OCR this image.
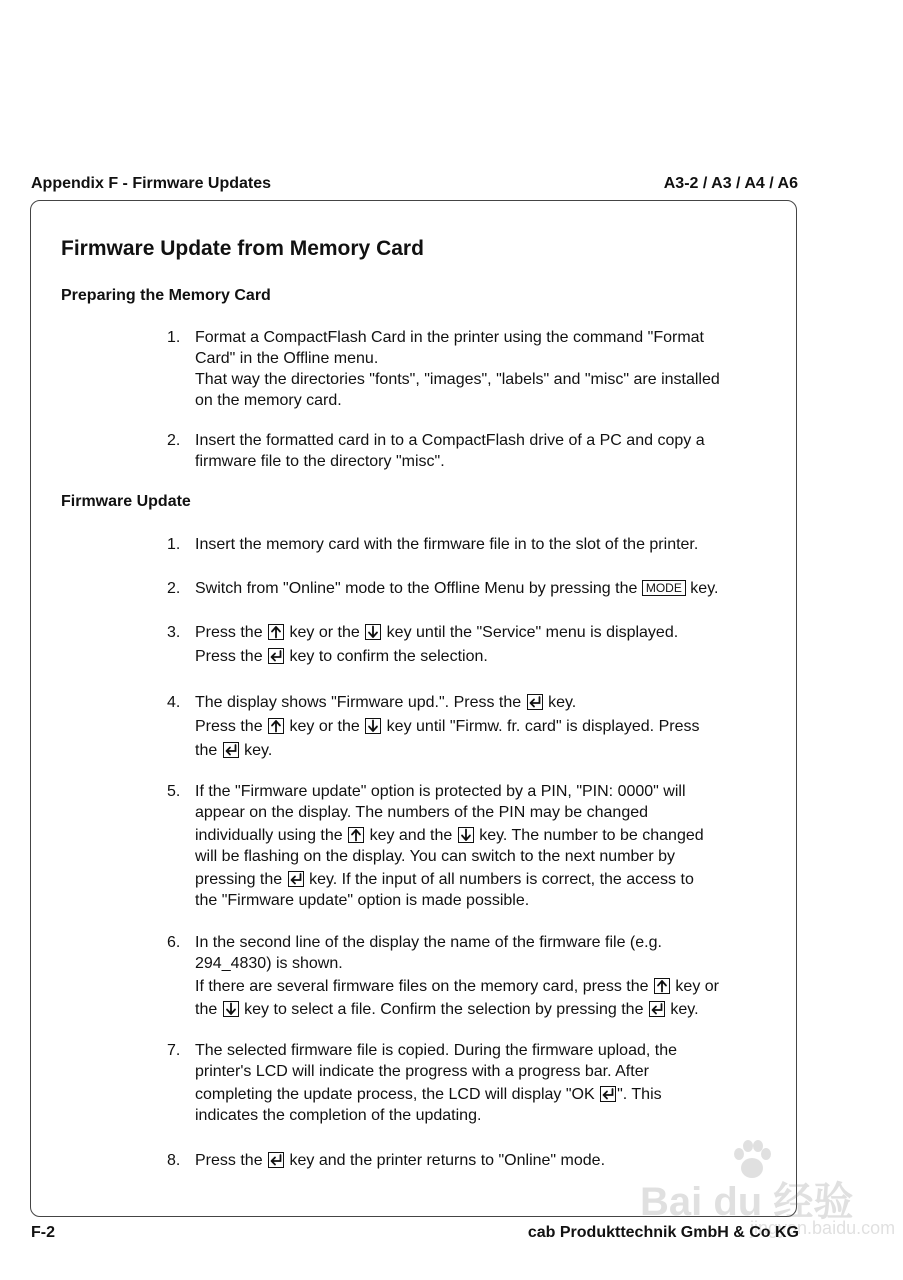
Appendix F - Firmware Updates	A3-2 / A3 / A4 / A6
Firmware Update from Memory Card
Preparing the Memory Card
1. Format a CompactFlash Card in the printer using the command "Format
Card" in the Offline menu.
That way the directories "fonts", "images", "labels" and "misc" are installed
on the memory card.
2. Insert the formatted card in to a CompactFlash drive of a PC and copy a
firmware file to the directory "misc".
Firmware Update
1. Insert the memory card with the firmware file in to the slot of the printer.
2. Switch from "Online" mode to the Offline Menu by pressing the MODE key.
3. Press the key or the key until the "Service" menu is displayed.
Press the key to confirm the selection.
4. The display shows "Firmware upd.". Press the key.
Press the key or the key until "Firmw. fr. card" is displayed. Press
the key.
5. If the "Firmware update" option is protected by a PIN, "PIN: 0000" will
appear on the display. The numbers of the PIN may be changed
individually using the key and the key. The number to be changed
will be flashing on the display. You can switch to the next number by
pressing the key. If the input of all numbers is correct, the access to
the "Firmware update" option is made possible.
6. In the second line of the display the name of the firmware file (e.g.
294_4830) is shown.
If there are several firmware files on the memory card, press the key or
the key to select a file. Confirm the selection by pressing the key.
7. The selected firmware file is copied. During the firmware upload, the
printer's LCD will indicate the progress with a progress bar. After
completing the update process, the LCD will display "OK ". This
indicates the completion of the updating.
8. Press the key and the printer returns to "Online" mode.
Bai du 经验
jingyan.baidu.com
F-2	cab Produkttechnik GmbH & Co KG
